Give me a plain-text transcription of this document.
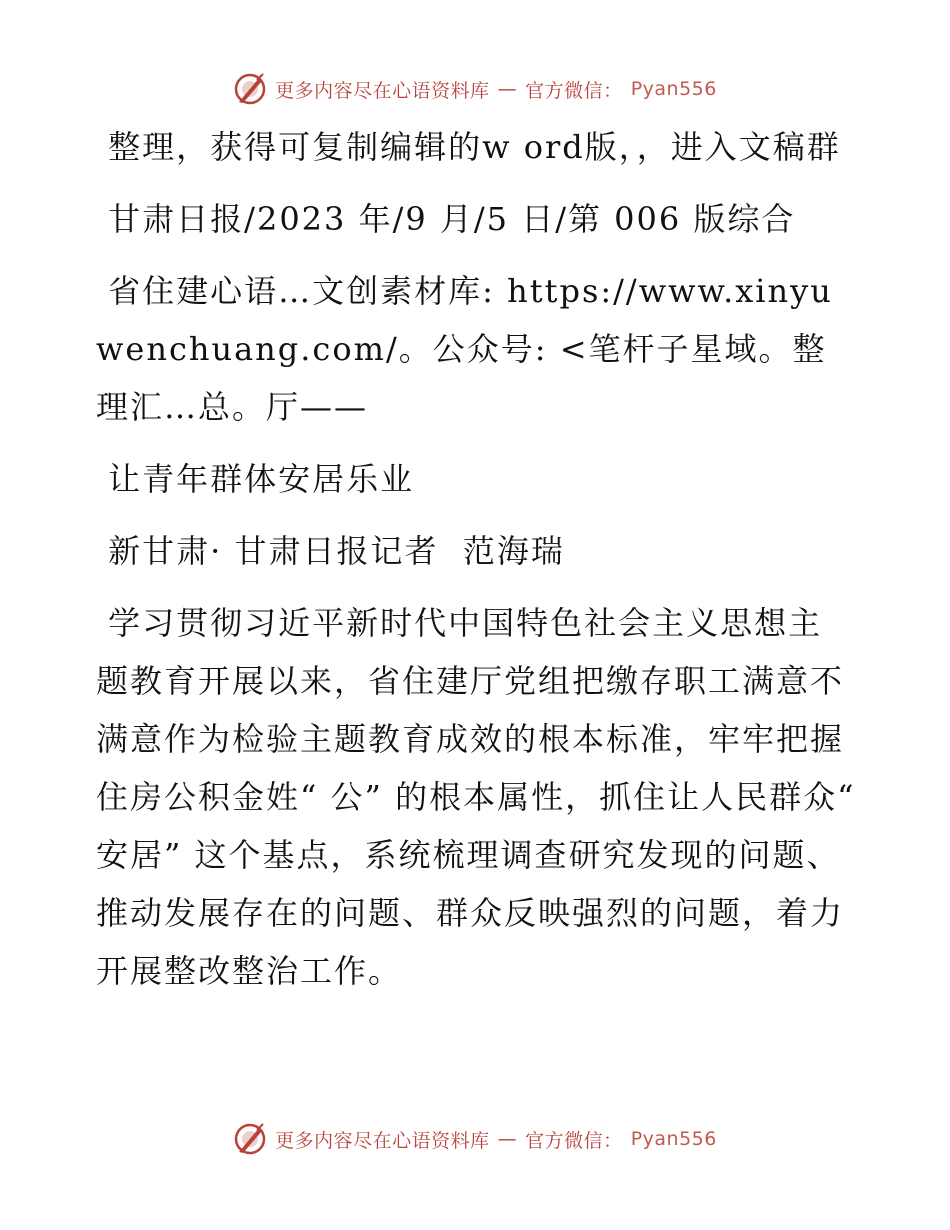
更多内容尽在心语资料库 — 官方微信： Pyan556

整理，获得可复制编辑的w ord版，，进入文稿群

甘肃日报/2023 年/9 月/5 日/第 006 版综合

省住建心语…文创素材库: https://www.xinyuwenchuang.com/。公众号: <笔杆子星域。整理汇…总。厅——

让青年群体安居乐业

新甘肃· 甘肃日报记者  范海瑞

学习贯彻习近平新时代中国特色社会主义思想主题教育开展以来，省住建厅党组把缴存职工满意不满意作为检验主题教育成效的根本标准，牢牢把握住房公积金姓“ 公” 的根本属性，抓住让人民群众“ 安居” 这个基点，系统梳理调查研究发现的问题、推动发展存在的问题、群众反映强烈的问题，着力开展整改整治工作。

更多内容尽在心语资料库 — 官方微信： Pyan556
